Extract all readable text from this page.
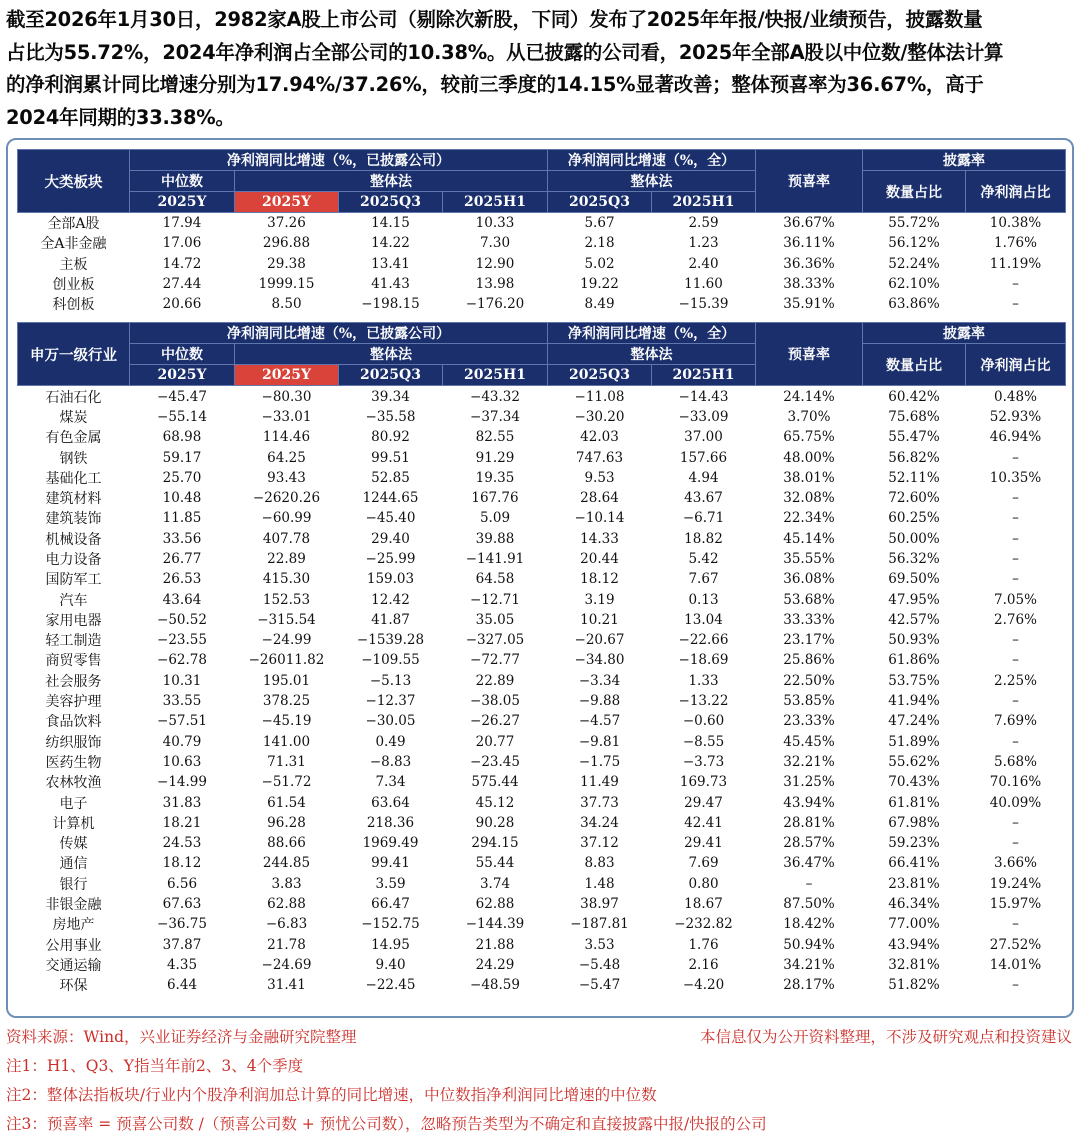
截至2026年1月30日，2982家A股上市公司（剔除次新股，下同）发布了2025年年报/快报/业绩预告，披露数量
占比为55.72%，2024年净利润占全部公司的10.38%。从已披露的公司看，2025年全部A股以中位数/整体法计算
的净利润累计同比增速分别为17.94%/37.26%，较前三季度的14.15%显著改善；整体预喜率为36.67%，高于
2024年同期的33.38%。
大类板块	净利润同比增速（%，已披露公司）				净利润同比增速（%，全）		预喜率	披露率	
	中位数	整体法			整体法			数量占比	净利润占比
	2025Y	2025Y	2025Q3	2025H1	2025Q3	2025H1			
全部A股	17.94	37.26	14.15	10.33	5.67	2.59	36.67%	55.72%	10.38%
全A非金融	17.06	296.88	14.22	7.30	2.18	1.23	36.11%	56.12%	1.76%
主板	14.72	29.38	13.41	12.90	5.02	2.40	36.36%	52.24%	11.19%
创业板	27.44	1999.15	41.43	13.98	19.22	11.60	38.33%	62.10%	–
科创板	20.66	8.50	−198.15	−176.20	8.49	−15.39	35.91%	63.86%	–

申万一级行业	净利润同比增速（%，已披露公司）				净利润同比增速（%，全）		预喜率	披露率	
	中位数	整体法			整体法			数量占比	净利润占比
	2025Y	2025Y	2025Q3	2025H1	2025Q3	2025H1			
石油石化	−45.47	−80.30	39.34	−43.32	−11.08	−14.43	24.14%	60.42%	0.48%
煤炭	−55.14	−33.01	−35.58	−37.34	−30.20	−33.09	3.70%	75.68%	52.93%
有色金属	68.98	114.46	80.92	82.55	42.03	37.00	65.75%	55.47%	46.94%
钢铁	59.17	64.25	99.51	91.29	747.63	157.66	48.00%	56.82%	–
基础化工	25.70	93.43	52.85	19.35	9.53	4.94	38.01%	52.11%	10.35%
建筑材料	10.48	−2620.26	1244.65	167.76	28.64	43.67	32.08%	72.60%	–
建筑装饰	11.85	−60.99	−45.40	5.09	−10.14	−6.71	22.34%	60.25%	–
机械设备	33.56	407.78	29.40	39.88	14.33	18.82	45.14%	50.00%	–
电力设备	26.77	22.89	−25.99	−141.91	20.44	5.42	35.55%	56.32%	–
国防军工	26.53	415.30	159.03	64.58	18.12	7.67	36.08%	69.50%	–
汽车	43.64	152.53	12.42	−12.71	3.19	0.13	53.68%	47.95%	7.05%
家用电器	−50.52	−315.54	41.87	35.05	10.21	13.04	33.33%	42.57%	2.76%
轻工制造	−23.55	−24.99	−1539.28	−327.05	−20.67	−22.66	23.17%	50.93%	–
商贸零售	−62.78	−26011.82	−109.55	−72.77	−34.80	−18.69	25.86%	61.86%	–
社会服务	10.31	195.01	−5.13	22.89	−3.34	1.33	22.50%	53.75%	2.25%
美容护理	33.55	378.25	−12.37	−38.05	−9.88	−13.22	53.85%	41.94%	–
食品饮料	−57.51	−45.19	−30.05	−26.27	−4.57	−0.60	23.33%	47.24%	7.69%
纺织服饰	40.79	141.00	0.49	20.77	−9.81	−8.55	45.45%	51.89%	–
医药生物	10.63	71.31	−8.83	−23.45	−1.75	−3.73	32.21%	55.62%	5.68%
农林牧渔	−14.99	−51.72	7.34	575.44	11.49	169.73	31.25%	70.43%	70.16%
电子	31.83	61.54	63.64	45.12	37.73	29.47	43.94%	61.81%	40.09%
计算机	18.21	96.28	218.36	90.28	34.24	42.41	28.81%	67.98%	–
传媒	24.53	88.66	1969.49	294.15	37.12	29.41	28.57%	59.23%	–
通信	18.12	244.85	99.41	55.44	8.83	7.69	36.47%	66.41%	3.66%
银行	6.56	3.83	3.59	3.74	1.48	0.80	–	23.81%	19.24%
非银金融	67.63	62.88	66.47	62.88	38.97	18.67	87.50%	46.34%	15.97%
房地产	−36.75	−6.83	−152.75	−144.39	−187.81	−232.82	18.42%	77.00%	–
公用事业	37.87	21.78	14.95	21.88	3.53	1.76	50.94%	43.94%	27.52%
交通运输	4.35	−24.69	9.40	24.29	−5.48	2.16	34.21%	32.81%	14.01%
环保	6.44	31.41	−22.45	−48.59	−5.47	−4.20	28.17%	51.82%	–
资料来源：Wind，兴业证券经济与金融研究院整理	本信息仅为公开资料整理，不涉及研究观点和投资建议
注1：H1、Q3、Y指当年前2、3、4个季度
注2：整体法指板块/行业内个股净利润加总计算的同比增速，中位数指净利润同比增速的中位数
注3：预喜率 = 预喜公司数 /（预喜公司数 + 预忧公司数），忽略预告类型为不确定和直接披露中报/快报的公司
